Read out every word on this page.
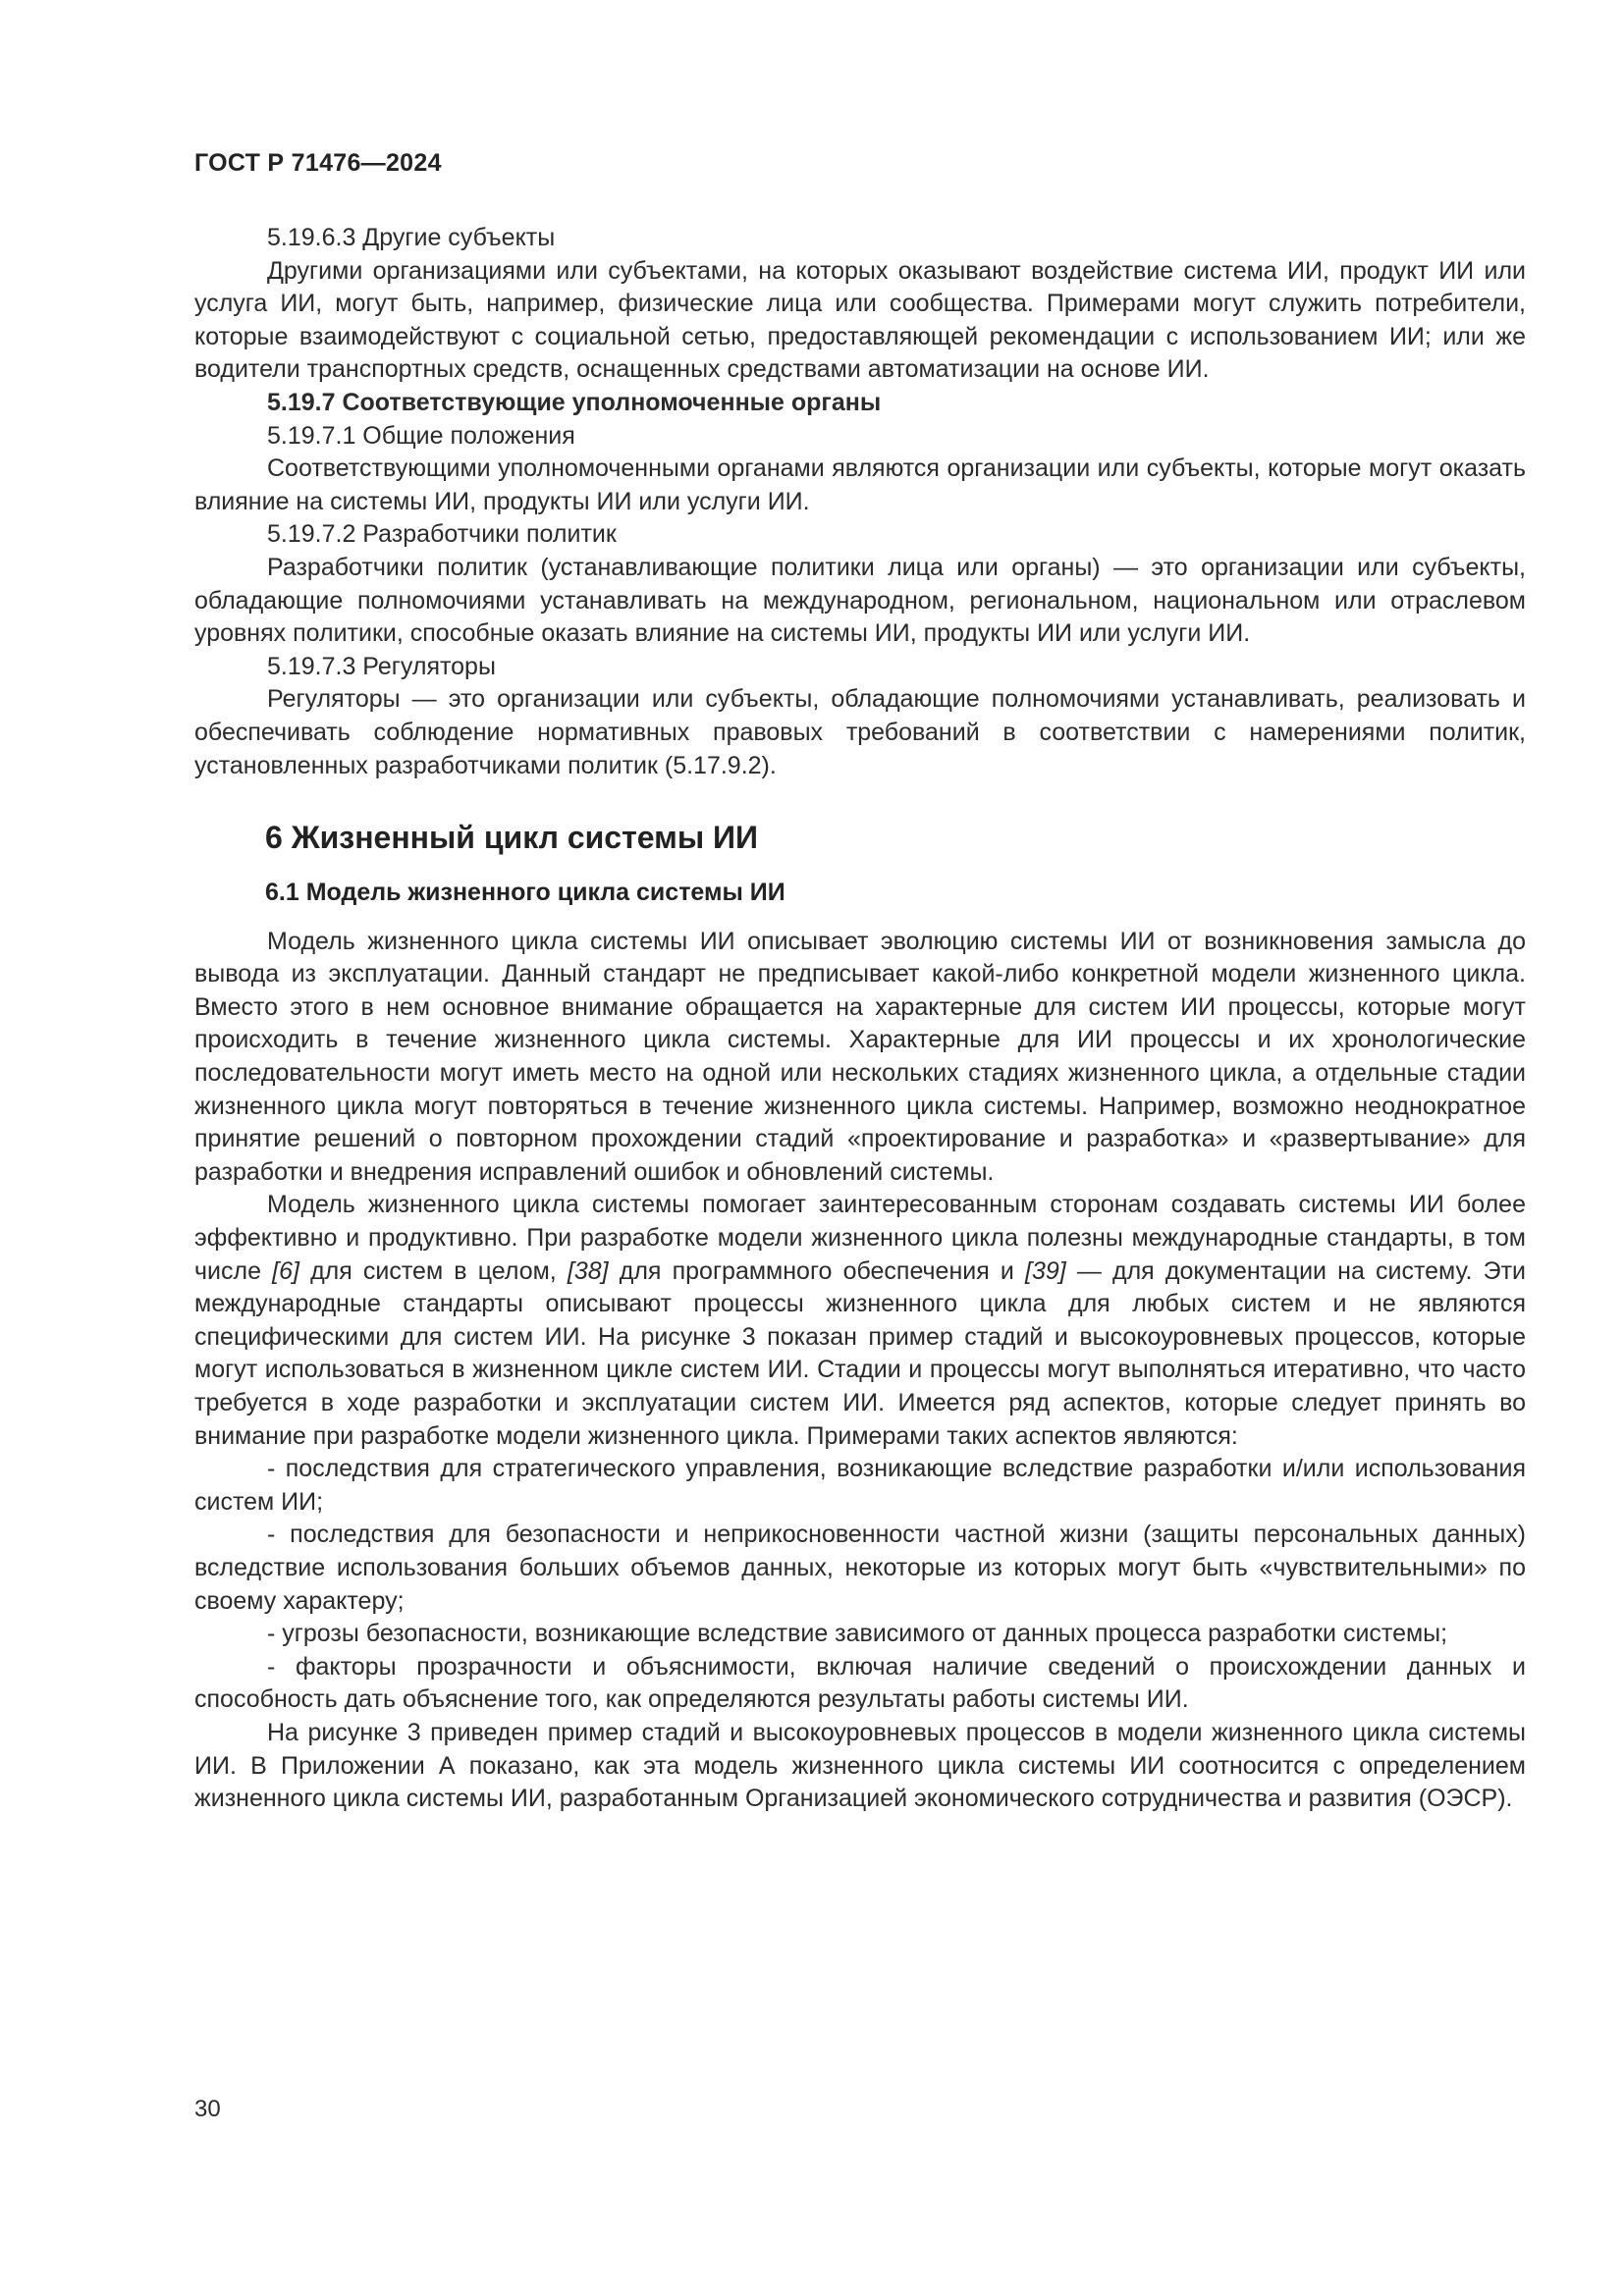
ГОСТ Р 71476—2024

5.19.6.3 Другие субъекты

Другими организациями или субъектами, на которых оказывают воздействие система ИИ, продукт ИИ или услуга ИИ, могут быть, например, физические лица или сообщества. Примерами могут служить потребители, которые взаимодействуют с социальной сетью, предоставляющей рекомендации с использованием ИИ; или же водители транспортных средств, оснащенных средствами автоматизации на основе ИИ.

5.19.7 Соответствующие уполномоченные органы

5.19.7.1 Общие положения

Соответствующими уполномоченными органами являются организации или субъекты, которые могут оказать влияние на системы ИИ, продукты ИИ или услуги ИИ.

5.19.7.2 Разработчики политик

Разработчики политик (устанавливающие политики лица или органы) — это организации или субъекты, обладающие полномочиями устанавливать на международном, региональном, национальном или отраслевом уровнях политики, способные оказать влияние на системы ИИ, продукты ИИ или услуги ИИ.

5.19.7.3 Регуляторы

Регуляторы — это организации или субъекты, обладающие полномочиями устанавливать, реализовать и обеспечивать соблюдение нормативных правовых требований в соответствии с намерениями политик, установленных разработчиками политик (5.17.9.2).

6 Жизненный цикл системы ИИ
6.1 Модель жизненного цикла системы ИИ

Модель жизненного цикла системы ИИ описывает эволюцию системы ИИ от возникновения замысла до вывода из эксплуатации. Данный стандарт не предписывает какой-либо конкретной модели жизненного цикла. Вместо этого в нем основное внимание обращается на характерные для систем ИИ процессы, которые могут происходить в течение жизненного цикла системы. Характерные для ИИ процессы и их хронологические последовательности могут иметь место на одной или нескольких стадиях жизненного цикла, а отдельные стадии жизненного цикла могут повторяться в течение жизненного цикла системы. Например, возможно неоднократное принятие решений о повторном прохождении стадий «проектирование и разработка» и «развертывание» для разработки и внедрения исправлений ошибок и обновлений системы.

Модель жизненного цикла системы помогает заинтересованным сторонам создавать системы ИИ более эффективно и продуктивно. При разработке модели жизненного цикла полезны международные стандарты, в том числе [6] для систем в целом, [38] для программного обеспечения и [39] — для документации на систему. Эти международные стандарты описывают процессы жизненного цикла для любых систем и не являются специфическими для систем ИИ. На рисунке 3 показан пример стадий и высокоуровневых процессов, которые могут использоваться в жизненном цикле систем ИИ. Стадии и процессы могут выполняться итеративно, что часто требуется в ходе разработки и эксплуатации систем ИИ. Имеется ряд аспектов, которые следует принять во внимание при разработке модели жизненного цикла. Примерами таких аспектов являются:

- последствия для стратегического управления, возникающие вследствие разработки и/или использования систем ИИ;

- последствия для безопасности и неприкосновенности частной жизни (защиты персональных данных) вследствие использования больших объемов данных, некоторые из которых могут быть «чувствительными» по своему характеру;

- угрозы безопасности, возникающие вследствие зависимого от данных процесса разработки системы;

- факторы прозрачности и объяснимости, включая наличие сведений о происхождении данных и способность дать объяснение того, как определяются результаты работы системы ИИ.

На рисунке 3 приведен пример стадий и высокоуровневых процессов в модели жизненного цикла системы ИИ. В Приложении А показано, как эта модель жизненного цикла системы ИИ соотносится с определением жизненного цикла системы ИИ, разработанным Организацией экономического сотрудничества и развития (ОЭСР).

30
